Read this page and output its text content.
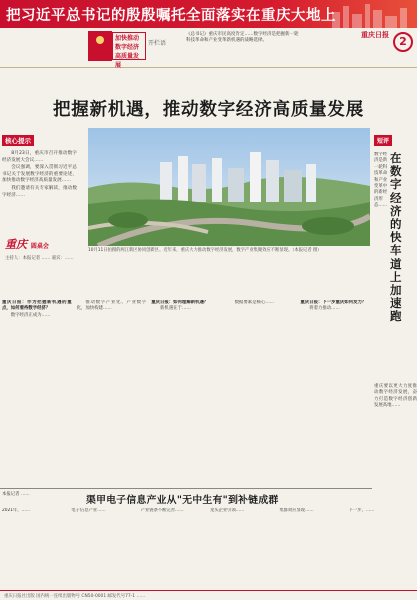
把习近平总书记的殷殷嘱托全面落实在重庆大地上
加快推动数字经济高质量发展
开栏语
《总书记》重庆市民高度肯定……数字经济是把握新一轮科技革命和产业变革新机遇的战略选择。
重庆日报
2
把握新机遇，推动数字经济高质量发展
核心提示

8月23日，重庆市召开推动数字经济发展大会议……

会议强调，要深入贯彻习近平总书记关于发展数字经济的重要论述，加快推动数字经济高质量发展……

我们邀请有关专家解读，推动数字经济……

重庆 圆桌会
主持人：本报记者 …… 嘉宾：……
10月11日拍摄的两江新区协同创新区。近年来，重庆大力推动数字经济发展，数字产业集聚效应不断显现。（本报记者 摄）
短评
数字经济是新一轮科技革命和产业变革中的新经济形态……
在数字经济的快车道上加速跑
重庆要以更大力度推动数字经济发展，奋力打造数字经济创新发展高地……

重庆日报：作为把握新机遇的重点，如何看待数字经济？

数字经济正成为……

推动数字产业化、产业数字化，加快构建……

重庆日报：如何理解新机遇？

新机遇在于……

数据要素是核心……	重庆日报：下一步重庆如何发力？

将着力推动……

本报记者 ……
渠甲电子信息产业从"无中生有"到补链成群
2021年，……	电子信息产业……	产业链条不断完善……	龙头企业引领……	集群效应显现……	下一步，……
重庆日报社出版 国内统一连续出版物号 CN50-0001 邮发代号77-1 ……
